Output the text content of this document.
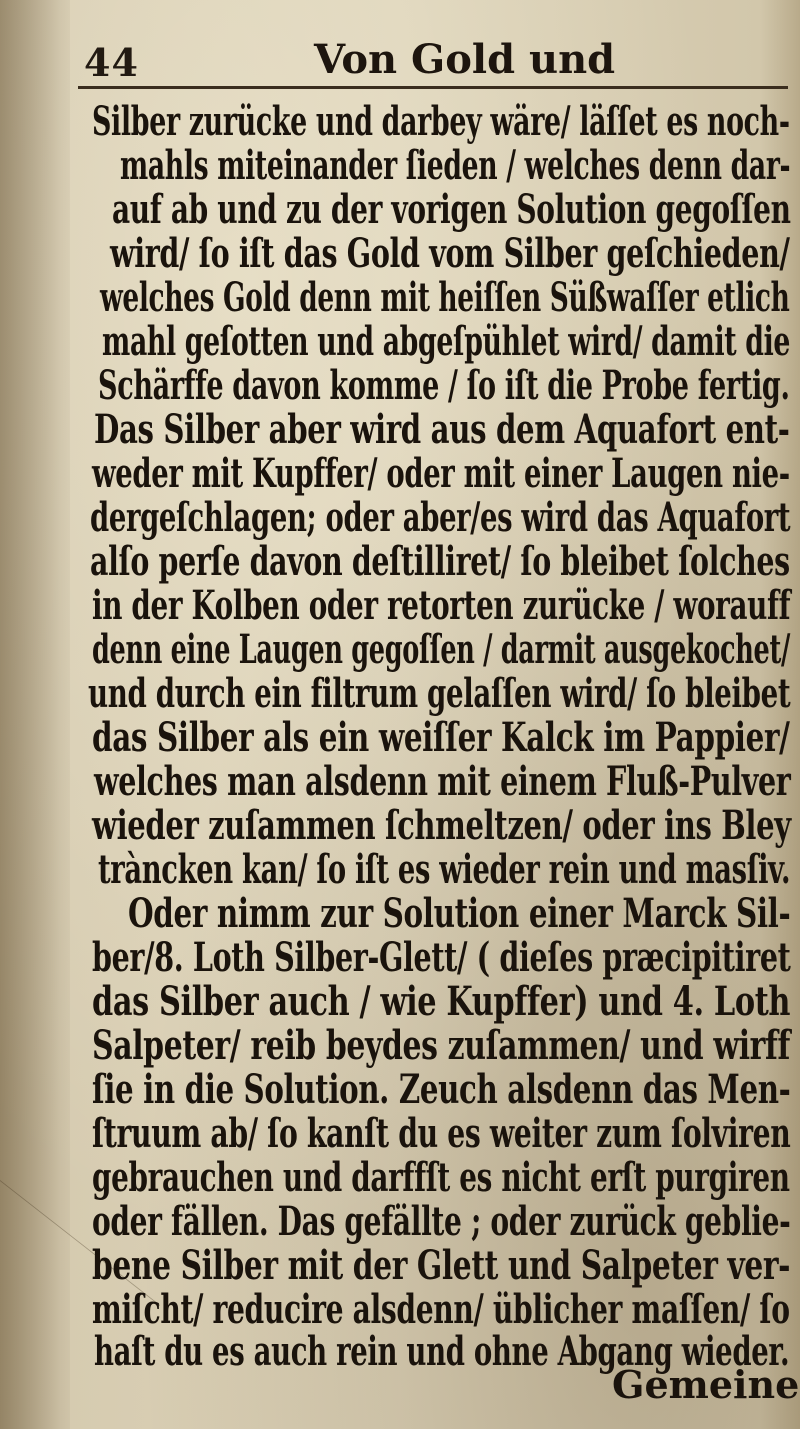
44	Von Gold und
Silber zurücke und darbey wäre/ läſſet es noch-
mahls miteinander ſieden / welches denn dar-
auf ab und zu der vorigen Solution gegoſſen
wird/ ſo iſt das Gold vom Silber geſchieden/
welches Gold denn mit heiſſen Süßwaſſer etlich
mahl geſotten und abgeſpühlet wird/ damit die
Schärffe davon komme / ſo iſt die Probe fertig.
Das Silber aber wird aus dem Aquafort ent-
weder mit Kupffer/ oder mit einer Laugen nie-
dergeſchlagen; oder aber/es wird das Aquafort
alſo perſe davon deſtilliret/ ſo bleibet ſolches
in der Kolben oder retorten zurücke / worauff
denn eine Laugen gegoſſen / darmit ausgekochet/
und durch ein filtrum gelaſſen wird/ ſo bleibet
das Silber als ein weiſſer Kalck im Pappier/
welches man alsdenn mit einem Fluß-Pulver
wieder zuſammen ſchmeltzen/ oder ins Bley
tràncken kan/ ſo iſt es wieder rein und masſiv.
Oder nimm zur Solution einer Marck Sil-
ber/8. Loth Silber-Glett/ ( dieſes præcipitiret
das Silber auch / wie Kupffer) und 4. Loth
Salpeter/ reib beydes zuſammen/ und wirff
ſie in die Solution. Zeuch alsdenn das Men-
ſtruum ab/ ſo kanſt du es weiter zum ſolviren
gebrauchen und darffſt es nicht erſt purgiren
oder fällen. Das gefällte ; oder zurück geblie-
bene Silber mit der Glett und Salpeter ver-
miſcht/ reducire alsdenn/ üblicher maſſen/ ſo
haſt du es auch rein und ohne Abgang wieder.
Gemeine
